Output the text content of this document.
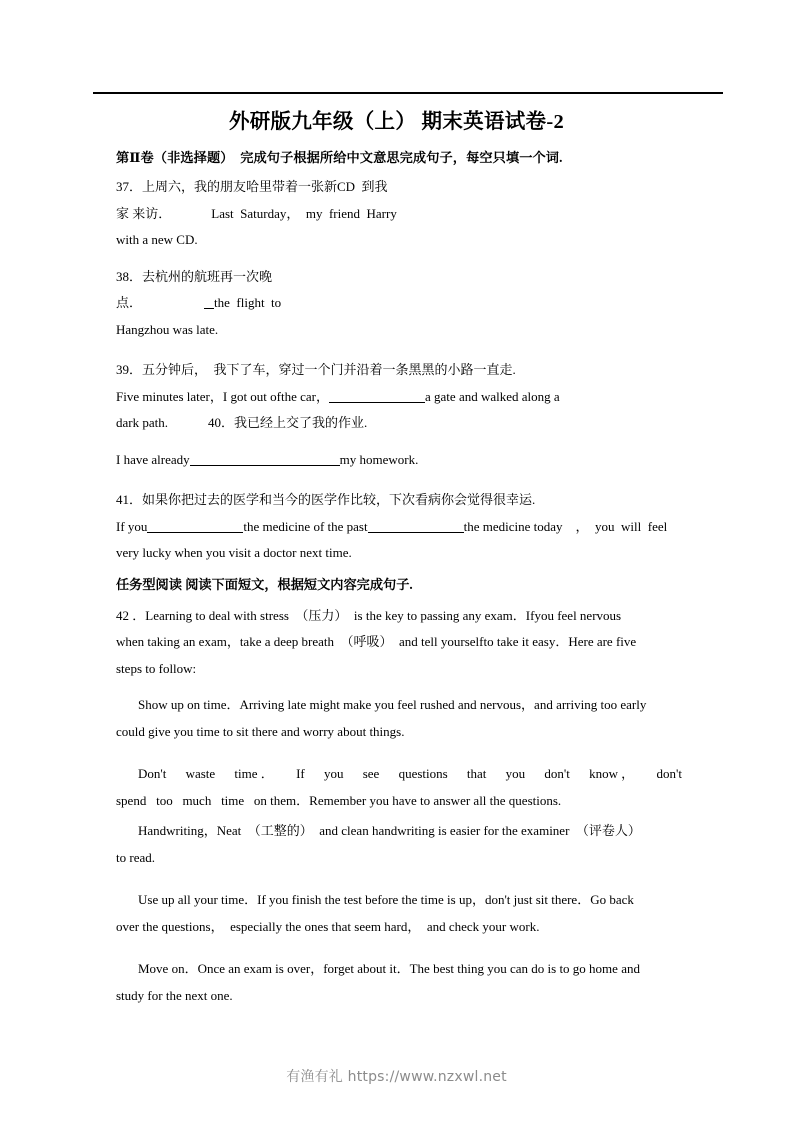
外研版九年级（上） 期末英语试卷-2
第Ⅱ卷（非选择题）　完成句子根据所给中文意思完成句子，每空只填一个词.
37．上周六，我的朋友哈里带着一张新CD  到我
家 来访．	Last  Saturday，  my  friend  Harry
with a new CD.
38．去杭州的航班再一次晚
点．	the  flight  to
Hangzhou was late.
39．五分钟后，　我下了车，穿过一个门并沿着一条黑黑的小路一直走.
Five minutes later，I got out ofthe car，	a gate and walked along a
dark path.	40．我已经上交了我的作业.
I have already	my homework.
41．如果你把过去的医学和当今的医学作比较，下次看病你会觉得很幸运.
If you	the medicine of the past	the medicine today　，  you  will  feel
very lucky when you visit a doctor next time.
任务型阅读 阅读下面短文，根据短文内容完成句子.
42 ．Learning to deal with stress　（压力）　is the key to passing any exam．Ifyou feel nervous
when taking an exam，take a deep breath　（呼吸）　and tell yourselfto take it easy．Here are five
steps to follow:
Show up on time．Arriving late might make you feel rushed and nervous，and arriving too early
could give you time to sit there and worry about things.
Don't   waste   time．   If   you   see   questions   that   you   don't   know，   don't
spend   too   much   time   on them．Remember you have to answer all the questions.
Handwriting，Neat　（工整的）　and clean handwriting is easier for the examiner　（评卷人）
to read.
Use up all your time．If you finish the test before the time is up，don't just sit there．Go back
over the questions，　especially the ones that seem hard，　and check your work.
Move on．Once an exam is over，forget about it．The best thing you can do is to go home and
study for the next one.
有渔有礼 https://www.nzxwl.net
